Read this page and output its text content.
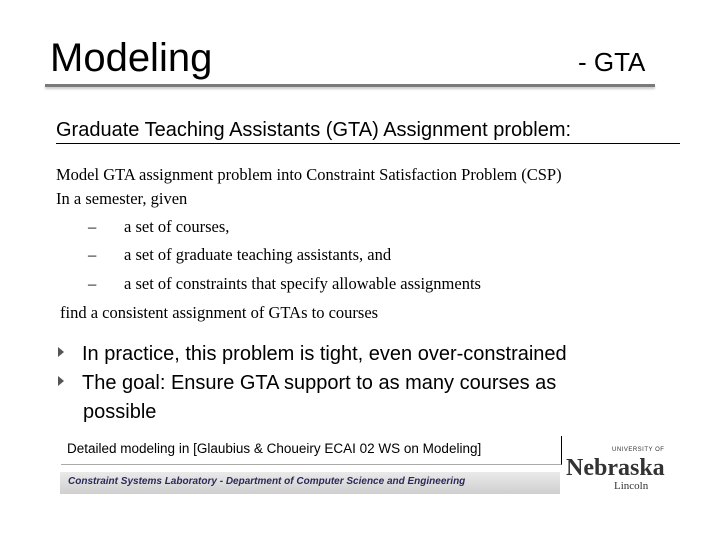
Modeling	- GTA
Graduate Teaching Assistants (GTA) Assignment problem:
Model GTA assignment problem into Constraint Satisfaction Problem (CSP)
In a semester, given
– a set of courses,
– a set of graduate teaching assistants, and
– a set of constraints that specify allowable assignments
find a consistent assignment of GTAs to courses
In practice, this problem is tight, even over-constrained
The goal: Ensure GTA support to as many courses as
possible
Detailed modeling in [Glaubius & Choueiry ECAI 02 WS on Modeling]
Constraint Systems Laboratory - Department of Computer Science and Engineering
UNIVERSITY OF
Nebraska
Lincoln
